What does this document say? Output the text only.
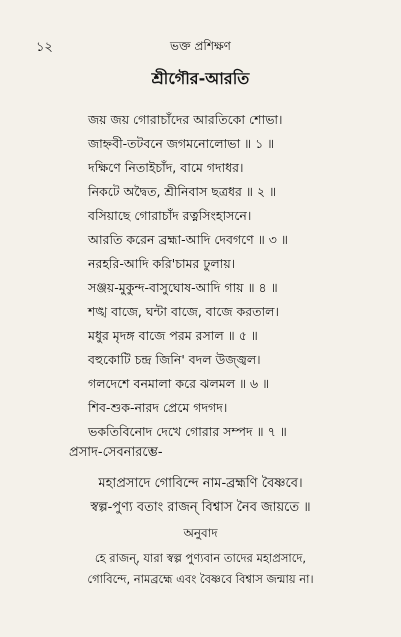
১২	ভক্ত প্রশিক্ষণ
শ্রীগৌর-আরতি
জয় জয় গোরাচাঁদের আরতিকো শোভা।
জাহ্নবী-তটবনে জগমনোলোভা ॥ ১ ॥
দক্ষিণে নিতাইচাঁদ, বামে গদাধর।
নিকটে অদ্বৈত, শ্রীনিবাস ছত্রধর ॥ ২ ॥
বসিয়াছে গোরাচাঁদ রত্নসিংহাসনে।
আরতি করেন ব্রহ্মা-আদি দেবগণে ॥ ৩ ॥
নরহরি-আদি করি'চামর ঢুলায়।
সঞ্জয়-মুকুন্দ-বাসুঘোষ-আদি গায় ॥ ৪ ॥
শঙ্খ বাজে, ঘন্টা বাজে, বাজে করতাল।
মধুর মৃদঙ্গ বাজে পরম রসাল ॥ ৫ ॥
বহুকোটি চন্দ্র জিনি' বদল উজ্জ্বল।
গলদেশে বনমালা করে ঝলমল ॥ ৬ ॥
শিব-শুক-নারদ প্রেমে গদগদ।
ভকতিবিনোদ দেখে গোরার সম্পদ ॥ ৭ ॥
প্রসাদ-সেবনারম্ভে-
মহাপ্রসাদে গোবিন্দে নাম-ব্রহ্মণি বৈষ্ণবে।
স্বল্প-পুণ্য বতাং রাজন্ বিশ্বাস নৈব জায়তে ॥
অনুবাদ
হে রাজন্, যারা স্বল্প পুণ্যবান তাদের মহাপ্রসাদে,
গোবিন্দে, নামব্রহ্মে এবং বৈষ্ণবে বিশ্বাস জন্মায় না।
